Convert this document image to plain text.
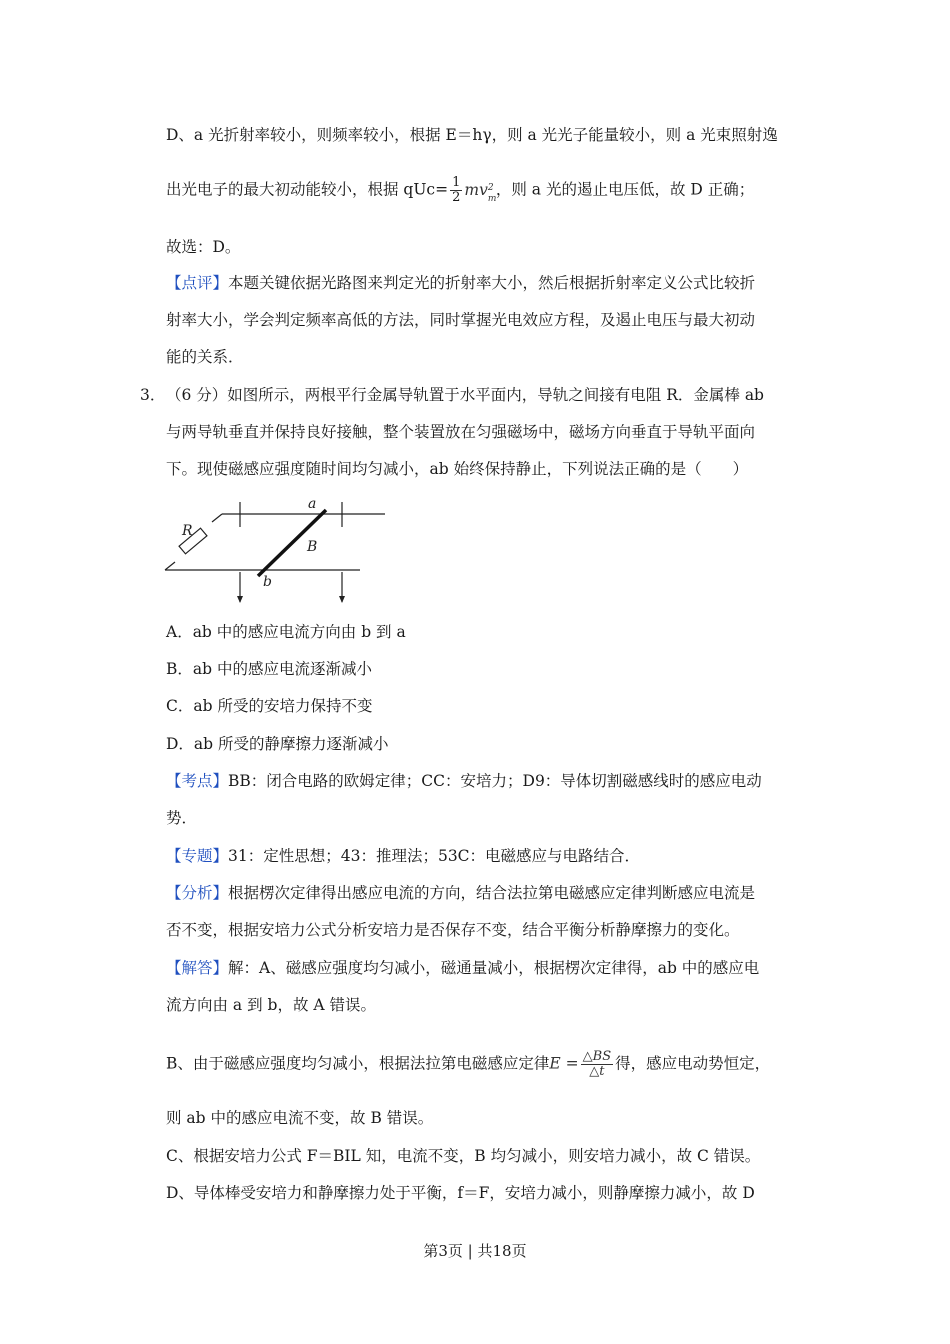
D、a 光折射率较小，则频率较小，根据 E＝hγ，则 a 光光子能量较小，则 a 光束照射逸
出光电子的最大初动能较小，根据 $qUc= \frac{1}{2}$ mv 2
m ，则 a 光的遏止电压低，故 D 正确；
故选：D。
【点评】本题关键依据光路图来判定光的折射率大小，然后根据折射率定义公式比较折
射率大小，学会判定频率高低的方法，同时掌握光电效应方程，及遏止电压与最大初动
能的关系．
3． （6 分）如图所示，两根平行金属导轨置于水平面内，导轨之间接有电阻 R．金属棒 ab
与两导轨垂直并保持良好接触，整个装置放在匀强磁场中，磁场方向垂直于导轨平面向
下。现使磁感应强度随时间均匀减小，ab 始终保持静止，下列说法正确的是（　　）
R
a
b
B
A．ab 中的感应电流方向由 b 到 a
B．ab 中的感应电流逐渐减小
C．ab 所受的安培力保持不变
D．ab 所受的静摩擦力逐渐减小
【考点】BB：闭合电路的欧姆定律；CC：安培力；D9：导体切割磁感线时的感应电动
势．
【专题】31：定性思想；43：推理法；53C：电磁感应与电路结合．
【分析】根据楞次定律得出感应电流的方向，结合法拉第电磁感应定律判断感应电流是
否不变，根据安培力公式分析安培力是否保存不变，结合平衡分析静摩擦力的变化。
【解答】解：A、磁感应强度均匀减小，磁通量减小，根据楞次定律得，ab 中的感应电
流方向由 a 到 b，故 A 错误。
B、由于磁感应强度均匀减小，根据法拉第电磁感应定律$E = \frac{\triangle BS}{\triangle t}$ 得，感应电动势恒定，
则 ab 中的感应电流不变，故 B 错误。
C、根据安培力公式 F＝BIL 知，电流不变，B 均匀减小，则安培力减小，故 C 错误。
D、导体棒受安培力和静摩擦力处于平衡，f＝F，安培力减小，则静摩擦力减小，故 D
第3页 | 共18页
